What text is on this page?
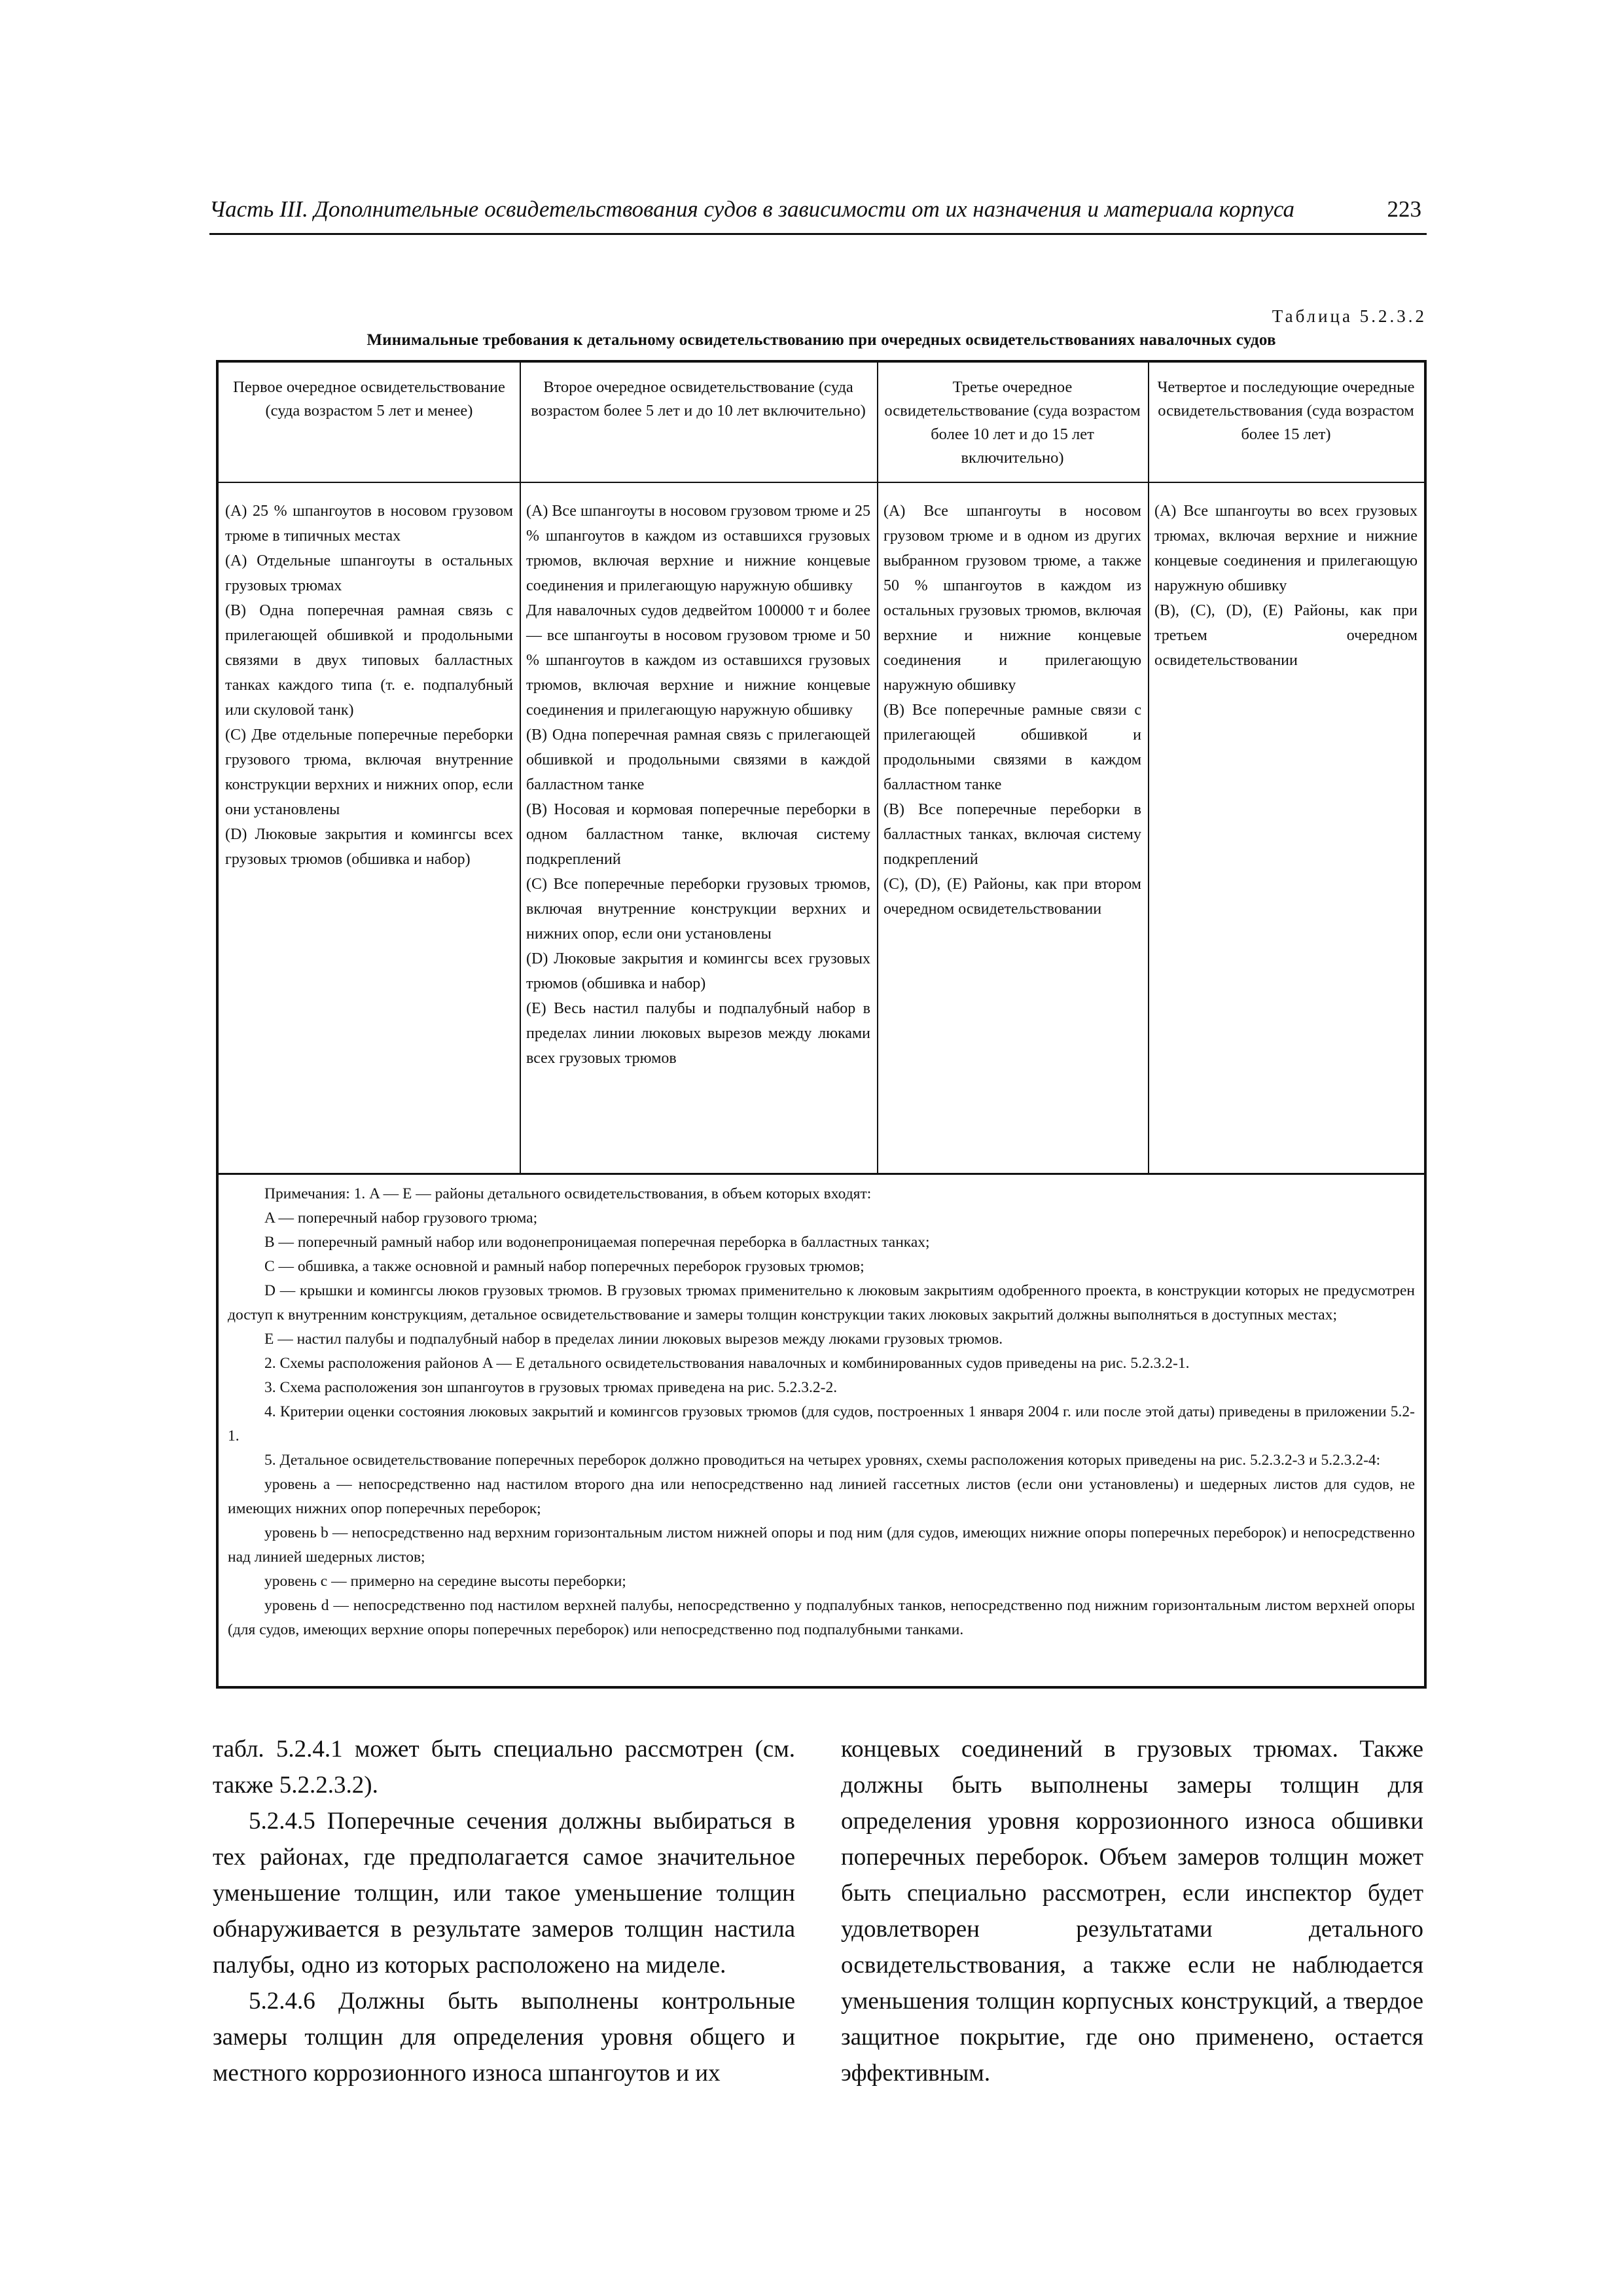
Часть III. Дополнительные освидетельствования судов в зависимости от их назначения и материала корпуса	223
Таблица 5.2.3.2
Минимальные требования к детальному освидетельствованию при очередных освидетельствованиях навалочных судов
Первое очередное освидетельствование (суда возрастом 5 лет и менее)

(A) 25 % шпангоутов в носовом грузовом трюме в типичных местах

(A) Отдельные шпангоуты в остальных грузовых трюмах

(B) Одна поперечная рамная связь с прилегающей обшивкой и продольными связями в двух типовых балластных танках каждого типа (т. е. подпалубный или скуловой танк)

(C) Две отдельные поперечные переборки грузового трюма, включая внутренние конструкции верхних и нижних опор, если они установлены

(D) Люковые закрытия и комингсы всех грузовых трюмов (обшивка и набор)

Второе очередное освидетельствование (суда возрастом более 5 лет и до 10 лет включительно)

(A) Все шпангоуты в носовом грузовом трюме и 25 % шпангоутов в каждом из оставшихся грузовых трюмов, включая верхние и нижние концевые соединения и прилегающую наружную обшивку

Для навалочных судов дедвейтом 100000 т и более — все шпангоуты в носовом грузовом трюме и 50 % шпангоутов в каждом из оставшихся грузовых трюмов, включая верхние и нижние концевые соединения и прилегающую наружную обшивку

(B) Одна поперечная рамная связь с прилегающей обшивкой и продольными связями в каждой балластном танке

(B) Носовая и кормовая поперечные переборки в одном балластном танке, включая систему подкреплений

(C) Все поперечные переборки грузовых трюмов, включая внутренние конструкции верхних и нижних опор, если они установлены

(D) Люковые закрытия и комингсы всех грузовых трюмов (обшивка и набор)

(E) Весь настил палубы и подпалубный набор в пределах линии люковых вырезов между люками всех грузовых трюмов

Третье очередное освидетельствование (суда возрастом более 10 лет и до 15 лет включительно)

(A) Все шпангоуты в носовом грузовом трюме и в одном из других выбранном грузовом трюме, а также 50 % шпангоутов в каждом из остальных грузовых трюмов, включая верхние и нижние концевые соединения и прилегающую наружную обшивку

(B) Все поперечные рамные связи с прилегающей обшивкой и продольными связями в каждом балластном танке

(B) Все поперечные переборки в балластных танках, включая систему подкреплений

(C), (D), (E) Районы, как при втором очередном освидетельствовании

Четвертое и последующие очередные освидетельствования (суда возрастом более 15 лет)

(A) Все шпангоуты во всех грузовых трюмах, включая верхние и нижние концевые соединения и прилегающую наружную обшивку

(B), (C), (D), (E) Районы, как при третьем очередном освидетельствовании

Примечания: 1. A — E — районы детального освидетельствования, в объем которых входят:

A — поперечный набор грузового трюма;

B — поперечный рамный набор или водонепроницаемая поперечная переборка в балластных танках;

C — обшивка, а также основной и рамный набор поперечных переборок грузовых трюмов;

D — крышки и комингсы люков грузовых трюмов. В грузовых трюмах применительно к люковым закрытиям одобренного проекта, в конструкции которых не предусмотрен доступ к внутренним конструкциям, детальное освидетельствование и замеры толщин конструкции таких люковых закрытий должны выполняться в доступных местах;

E — настил палубы и подпалубный набор в пределах линии люковых вырезов между люками грузовых трюмов.

2. Схемы расположения районов A — E детального освидетельствования навалочных и комбинированных судов приведены на рис. 5.2.3.2-1.

3. Схема расположения зон шпангоутов в грузовых трюмах приведена на рис. 5.2.3.2-2.

4. Критерии оценки состояния люковых закрытий и комингсов грузовых трюмов (для судов, построенных 1 января 2004 г. или после этой даты) приведены в приложении 5.2-1.

5. Детальное освидетельствование поперечных переборок должно проводиться на четырех уровнях, схемы расположения которых приведены на рис. 5.2.3.2-3 и 5.2.3.2-4:

уровень a — непосредственно над настилом второго дна или непосредственно над линией гассетных листов (если они установлены) и шедерных листов для судов, не имеющих нижних опор поперечных переборок;

уровень b — непосредственно над верхним горизонтальным листом нижней опоры и под ним (для судов, имеющих нижние опоры поперечных переборок) и непосредственно над линией шедерных листов;

уровень c — примерно на середине высоты переборки;

уровень d — непосредственно под настилом верхней палубы, непосредственно у подпалубных танков, непосредственно под нижним горизонтальным листом верхней опоры (для судов, имеющих верхние опоры поперечных переборок) или непосредственно под подпалубными танками.

табл. 5.2.4.1 может быть специально рассмотрен (см. также 5.2.2.3.2).

5.2.4.5 Поперечные сечения должны выбираться в тех районах, где предполагается самое значительное уменьшение толщин, или такое уменьшение толщин обнаруживается в результате замеров толщин настила палубы, одно из которых расположено на миделе.

5.2.4.6 Должны быть выполнены контрольные замеры толщин для определения уровня общего и местного коррозионного износа шпангоутов и их

концевых соединений в грузовых трюмах. Также должны быть выполнены замеры толщин для определения уровня коррозионного износа обшивки поперечных переборок. Объем замеров толщин может быть специально рассмотрен, если инспектор будет удовлетворен результатами детального освидетельствования, а также если не наблюдается уменьшения толщин корпусных конструкций, а твердое защитное покрытие, где оно применено, остается эффективным.
